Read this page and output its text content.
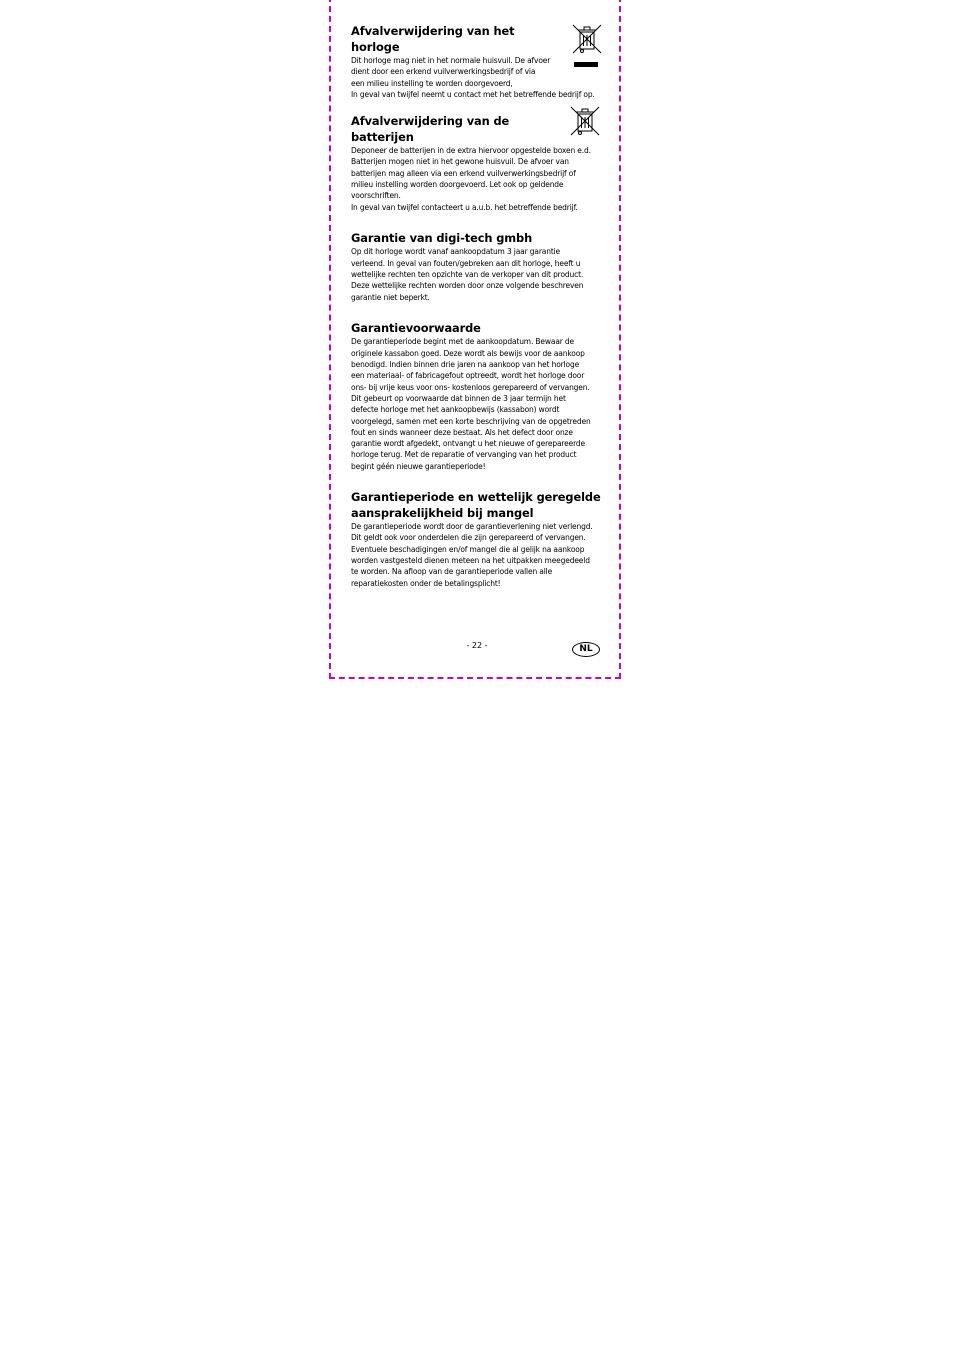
Afvalverwijdering van het horloge

Dit horloge mag niet in het normale huisvuil. De afvoer
dient door een erkend vuilverwerkingsbedrijf of via
een milieu instelling te worden doorgevoerd,
In geval van twijfel neemt u contact met het betreffende bedrijf op.

Afvalverwijdering van de batterijen

Deponeer de batterijen in de extra hiervoor opgestelde boxen e.d.
Batterijen mogen niet in het gewone huisvuil. De afvoer van
batterijen mag alleen via een erkend vuilverwerkingsbedrijf of
milieu instelling worden doorgevoerd. Let ook op geldende
voorschriften.
In geval van twijfel contacteert u a.u.b. het betreffende bedrijf.

Garantie van digi-tech gmbh

Op dit horloge wordt vanaf aankoopdatum 3 jaar garantie
verleend. In geval van fouten/gebreken aan dit horloge, heeft u
wettelijke rechten ten opzichte van de verkoper van dit product.
Deze wettelijke rechten worden door onze volgende beschreven
garantie niet beperkt.

Garantievoorwaarde

De garantieperiode begint met de aankoopdatum. Bewaar de
originele kassabon goed. Deze wordt als bewijs voor de aankoop
benodigd. Indien binnen drie jaren na aankoop van het horloge
een materiaal- of fabricagefout optreedt, wordt het horloge door
ons- bij vrije keus voor ons- kostenloos gerepareerd of vervangen.
Dit gebeurt op voorwaarde dat binnen de 3 jaar termijn het
defecte horloge met het aankoopbewijs (kassabon) wordt
voorgelegd, samen met een korte beschrijving van de opgetreden
fout en sinds wanneer deze bestaat. Als het defect door onze
garantie wordt afgedekt, ontvangt u het nieuwe of gerepareerde
horloge terug. Met de reparatie of vervanging van het product
begint géén nieuwe garantieperiode!

Garantieperiode en wettelijk geregelde aansprakelijkheid bij mangel

De garantieperiode wordt door de garantieverlening niet verlengd.
Dit geldt ook voor onderdelen die zijn gerepareerd of vervangen.
Eventuele beschadigingen en/of mangel die al gelijk na aankoop
worden vastgesteld dienen meteen na het uitpakken meegedeeld
te worden. Na afloop van de garantieperiode vallen alle
reparatiekosten onder de betalingsplicht!

- 22 -	NL
